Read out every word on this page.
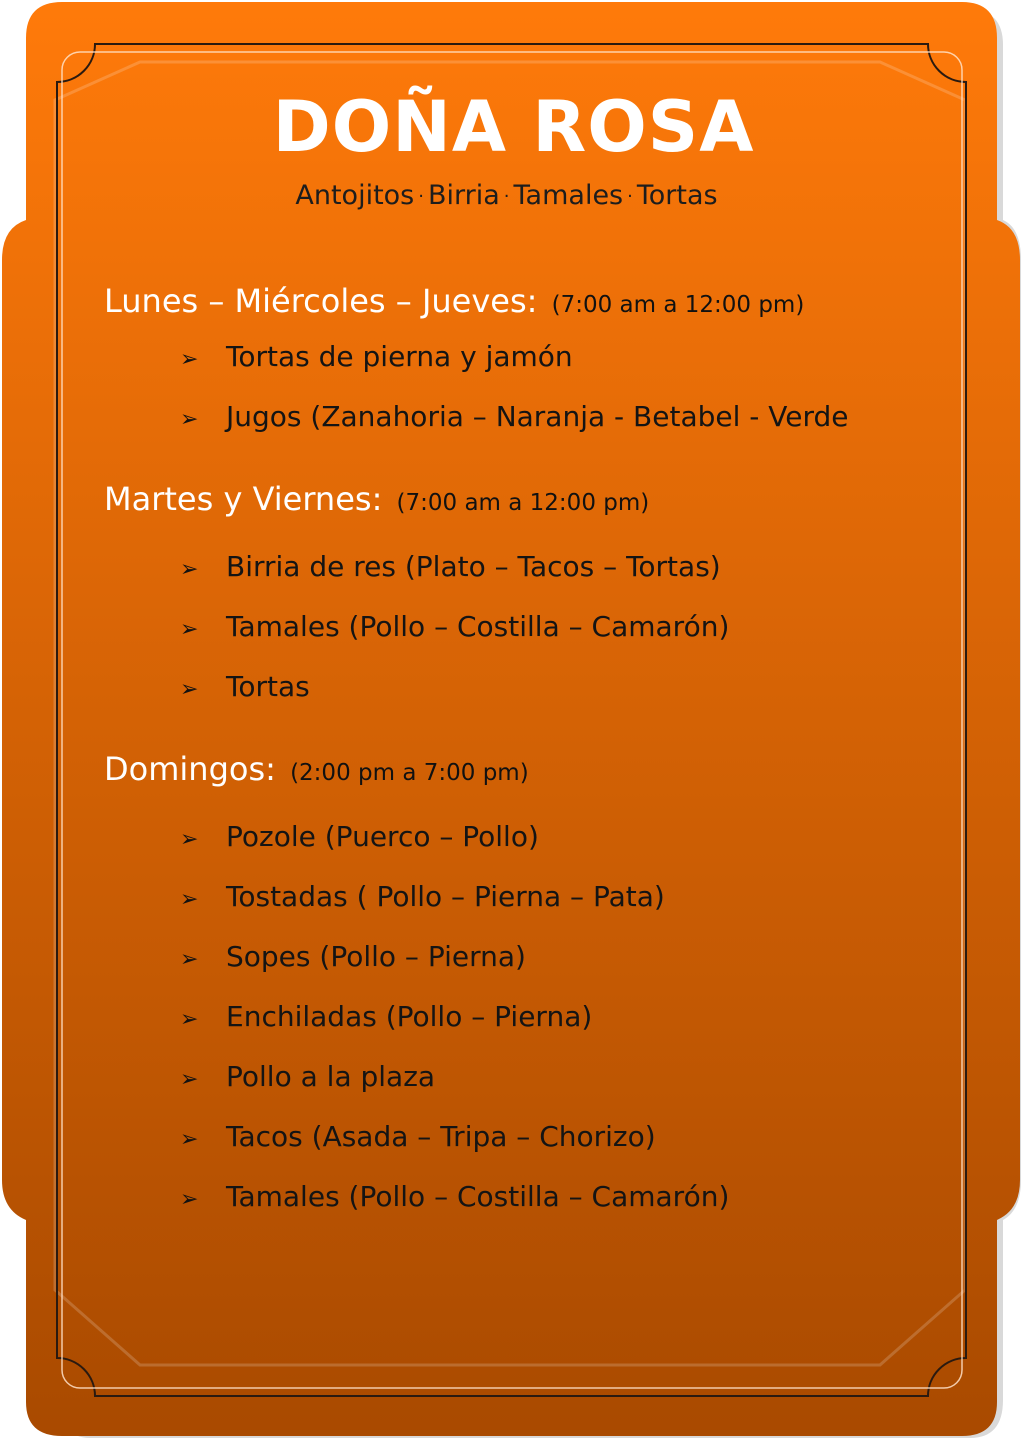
DOÑA ROSA
Antojitos · Birria · Tamales · Tortas
Lunes – Miércoles – Jueves: (7:00 am a 12:00 pm)
➢ Tortas de pierna y jamón
➢ Jugos (Zanahoria – Naranja - Betabel - Verde
Martes y Viernes: (7:00 am a 12:00 pm)
➢ Birria de res (Plato – Tacos – Tortas)
➢ Tamales (Pollo – Costilla – Camarón)
➢ Tortas
Domingos: (2:00 pm a 7:00 pm)
➢ Pozole (Puerco – Pollo)
➢ Tostadas ( Pollo – Pierna – Pata)
➢ Sopes (Pollo – Pierna)
➢ Enchiladas (Pollo – Pierna)
➢ Pollo a la plaza
➢ Tacos (Asada – Tripa – Chorizo)
➢ Tamales (Pollo – Costilla – Camarón)
